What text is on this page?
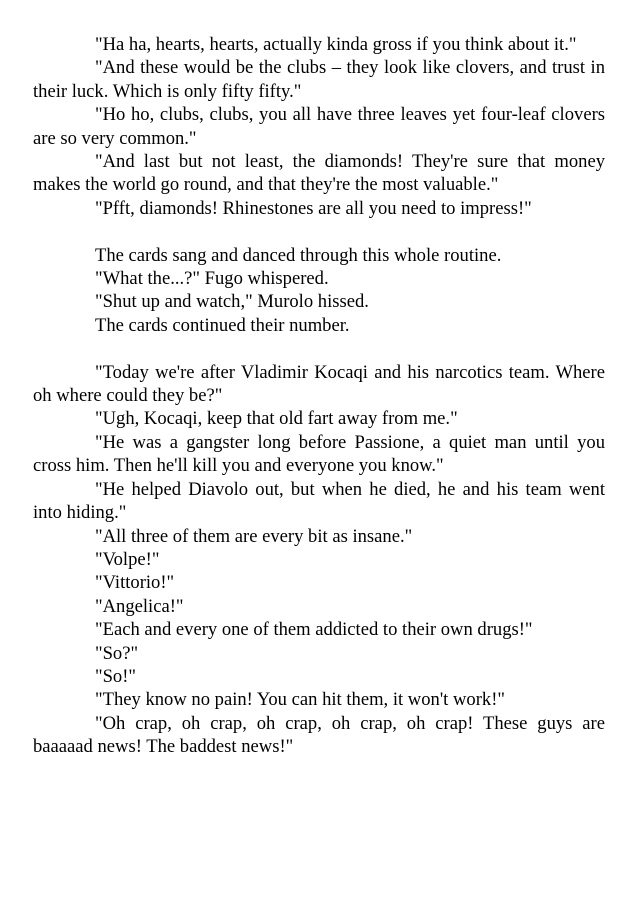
"Ha ha, hearts, hearts, actually kinda gross if you think about it."

"And these would be the clubs – they look like clovers, and trust in their luck. Which is only fifty fifty."

"Ho ho, clubs, clubs, you all have three leaves yet four-leaf clovers are so very common."

"And last but not least, the diamonds! They're sure that money makes the world go round, and that they're the most valuable."

"Pfft, diamonds! Rhinestones are all you need to impress!"

The cards sang and danced through this whole routine.

"What the...?" Fugo whispered.

"Shut up and watch," Murolo hissed.

The cards continued their number.

"Today we're after Vladimir Kocaqi and his narcotics team. Where oh where could they be?"

"Ugh, Kocaqi, keep that old fart away from me."

"He was a gangster long before Passione, a quiet man until you cross him. Then he'll kill you and everyone you know."

"He helped Diavolo out, but when he died, he and his team went into hiding."

"All three of them are every bit as insane."

"Volpe!"

"Vittorio!"

"Angelica!"

"Each and every one of them addicted to their own drugs!"

"So?"

"So!"

"They know no pain! You can hit them, it won't work!"

"Oh crap, oh crap, oh crap, oh crap, oh crap! These guys are baaaaad news! The baddest news!"
